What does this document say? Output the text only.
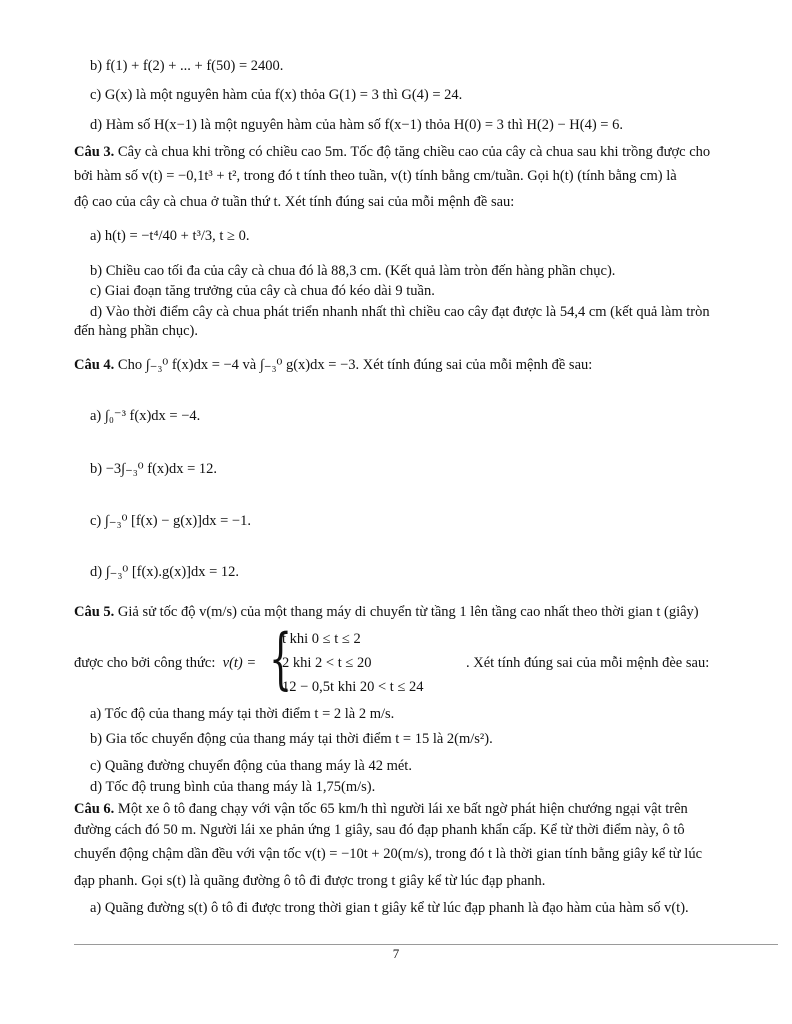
b) f(1) + f(2) + ... + f(50) = 2400.
c) G(x) là một nguyên hàm của f(x) thỏa G(1) = 3 thì G(4) = 24.
d) Hàm số H(x−1) là một nguyên hàm của hàm số f(x−1) thỏa H(0) = 3 thì H(2) − H(4) = 6.
Câu 3. Cây cà chua khi trồng có chiều cao 5m. Tốc độ tăng chiều cao của cây cà chua sau khi trồng được cho
bởi hàm số v(t) = −0,1t³ + t², trong đó t tính theo tuần, v(t) tính bằng cm/tuần. Gọi h(t) (tính bằng cm) là
độ cao của cây cà chua ở tuần thứ t. Xét tính đúng sai của mỗi mệnh đề sau:
a) h(t) = −t⁴/40 + t³/3, t ≥ 0.
b) Chiều cao tối đa của cây cà chua đó là 88,3 cm. (Kết quả làm tròn đến hàng phần chục).
c) Giai đoạn tăng trưởng của cây cà chua đó kéo dài 9 tuần.
d) Vào thời điểm cây cà chua phát triển nhanh nhất thì chiều cao cây đạt được là 54,4 cm (kết quả làm tròn
đến hàng phần chục).
Câu 4. Cho ∫₋₃⁰ f(x)dx = −4 và ∫₋₃⁰ g(x)dx = −3. Xét tính đúng sai của mỗi mệnh đề sau:
a) ∫₀⁻³ f(x)dx = −4.
b) −3∫₋₃⁰ f(x)dx = 12.
c) ∫₋₃⁰ [f(x) − g(x)]dx = −1.
d) ∫₋₃⁰ [f(x).g(x)]dx = 12.
Câu 5. Giả sử tốc độ v(m/s) của một thang máy di chuyển từ tầng 1 lên tầng cao nhất theo thời gian t (giây)
được cho bởi công thức:  v(t) = {
t khi 0 ≤ t ≤ 2
2 khi 2 < t ≤ 20
12 − 0,5t khi 20 < t ≤ 24
. Xét tính đúng sai của mỗi mệnh đèe sau:
a) Tốc độ của thang máy tại thời điểm t = 2 là 2 m/s.
b) Gia tốc chuyển động của thang máy tại thời điểm t = 15 là 2(m/s²).
c) Quãng đường chuyển động của thang máy là 42 mét.
d) Tốc độ trung bình của thang máy là 1,75(m/s).
Câu 6. Một xe ô tô đang chạy với vận tốc 65 km/h thì người lái xe bất ngờ phát hiện chướng ngại vật trên
đường cách đó 50 m. Người lái xe phản ứng 1 giây, sau đó đạp phanh khẩn cấp. Kể từ thời điểm này, ô tô
chuyển động chậm dần đều với vận tốc v(t) = −10t + 20(m/s), trong đó t là thời gian tính bằng giây kể từ lúc
đạp phanh. Gọi s(t) là quãng đường ô tô đi được trong t giây kể từ lúc đạp phanh.
a) Quãng đường s(t) ô tô đi được trong thời gian t giây kể từ lúc đạp phanh là đạo hàm của hàm số v(t).
7
